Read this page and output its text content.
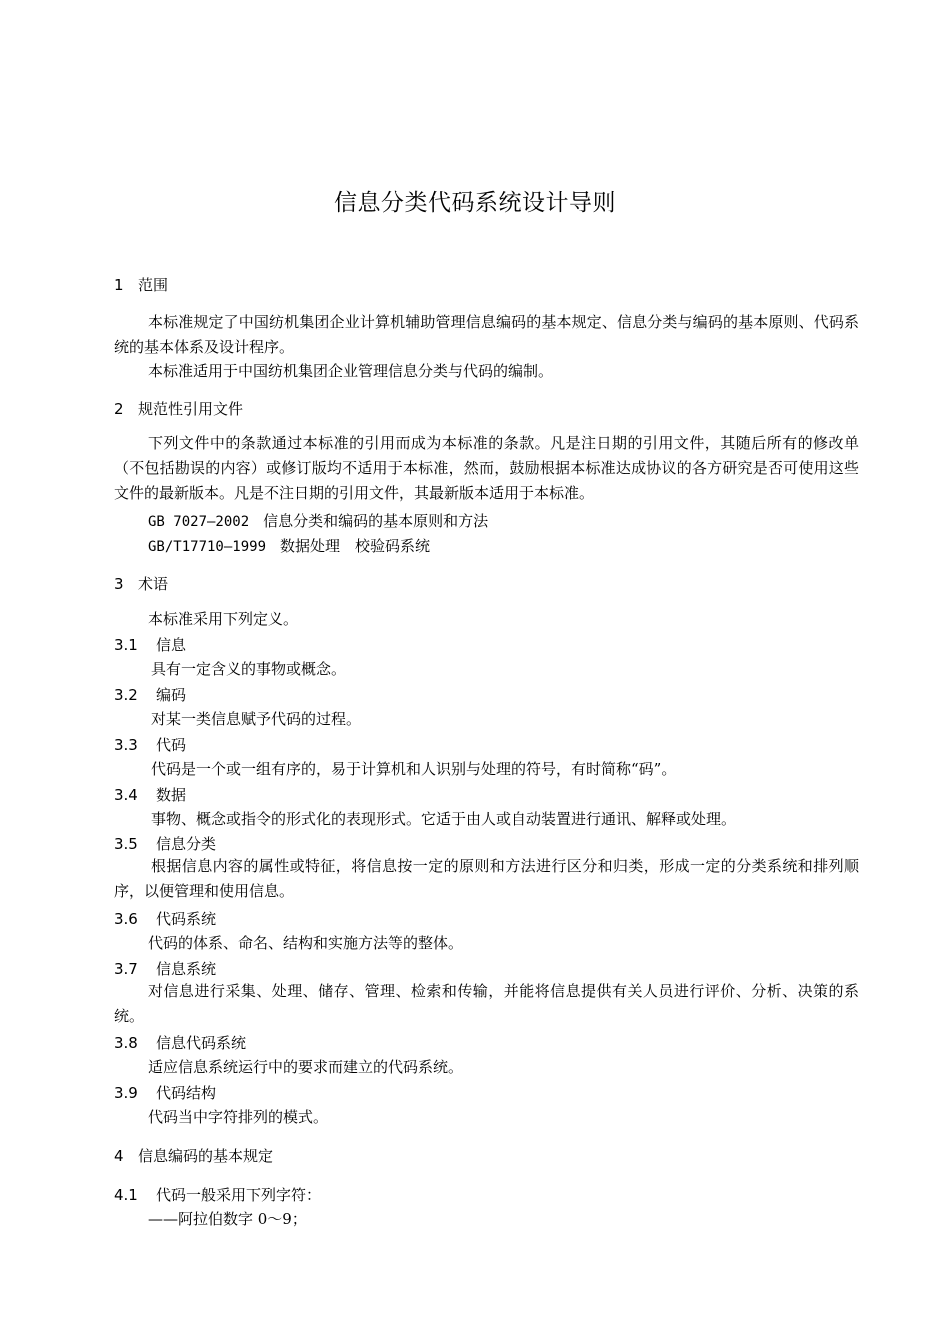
信息分类代码系统设计导则
1 范围
本标准规定了中国纺机集团企业计算机辅助管理信息编码的基本规定、信息分类与编码的基本原则、代码系统的基本体系及设计程序。
本标准适用于中国纺机集团企业管理信息分类与代码的编制。
2 规范性引用文件
下列文件中的条款通过本标准的引用而成为本标准的条款。凡是注日期的引用文件，其随后所有的修改单（不包括勘误的内容）或修订版均不适用于本标准，然而，鼓励根据本标准达成协议的各方研究是否可使用这些文件的最新版本。凡是不注日期的引用文件，其最新版本适用于本标准。
GB 7027—2002 信息分类和编码的基本原则和方法
GB/T17710—1999 数据处理　校验码系统
3 术语
本标准采用下列定义。
3.1 信息
具有一定含义的事物或概念。
3.2 编码
对某一类信息赋予代码的过程。
3.3 代码
代码是一个或一组有序的，易于计算机和人识别与处理的符号，有时简称“码”。
3.4 数据
事物、概念或指令的形式化的表现形式。它适于由人或自动装置进行通讯、解释或处理。
3.5 信息分类
根据信息内容的属性或特征，将信息按一定的原则和方法进行区分和归类，形成一定的分类系统和排列顺序，以便管理和使用信息。
3.6 代码系统
代码的体系、命名、结构和实施方法等的整体。
3.7 信息系统
对信息进行采集、处理、储存、管理、检索和传输，并能将信息提供有关人员进行评价、分析、决策的系统。
3.8 信息代码系统
适应信息系统运行中的要求而建立的代码系统。
3.9 代码结构
代码当中字符排列的模式。
4 信息编码的基本规定
4.1 代码一般采用下列字符：
——阿拉伯数字 0～9；
